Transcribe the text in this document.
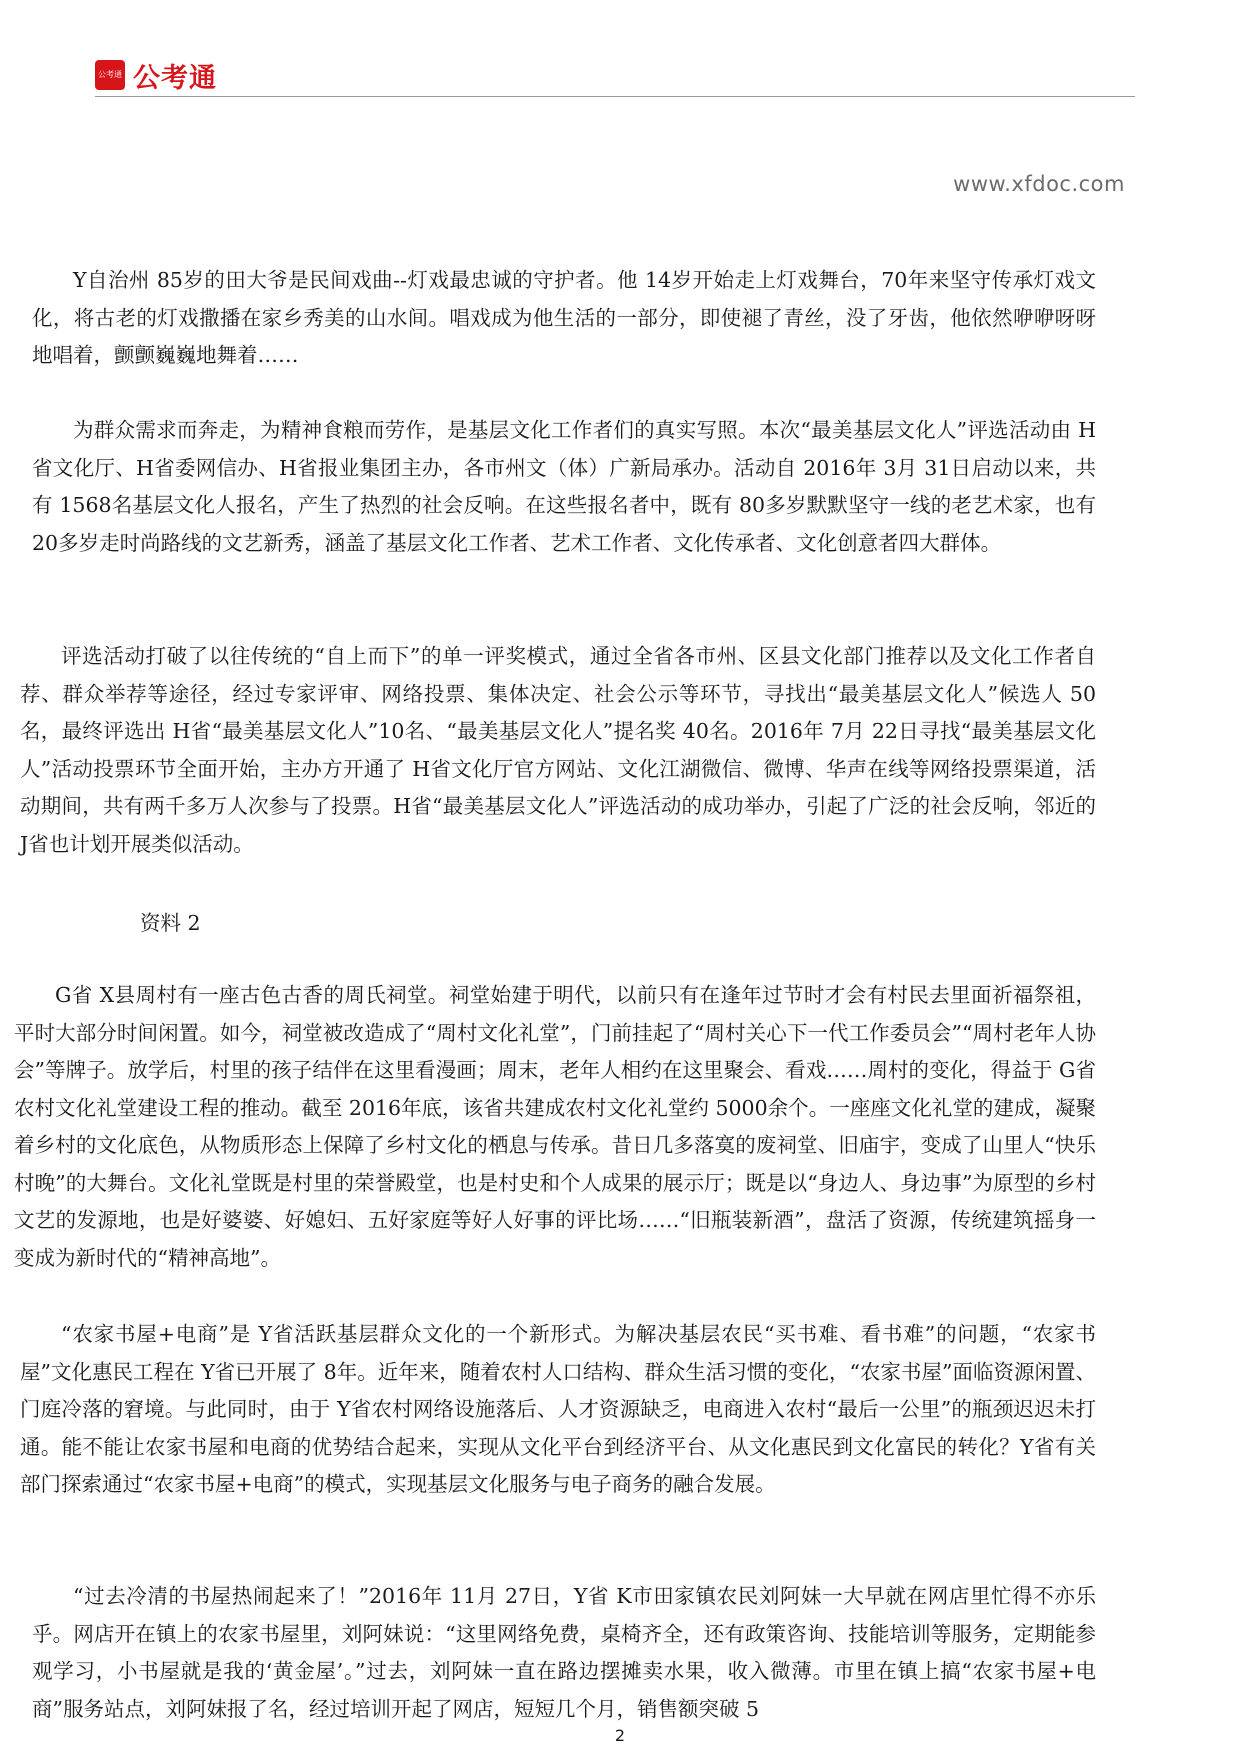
公考通 公考通
www.xfdoc.com

Y自治州 85岁的田大爷是民间戏曲--灯戏最忠诚的守护者。他 14岁开始走上灯戏舞台，70年来坚守传承灯戏文化，将古老的灯戏撒播在家乡秀美的山水间。唱戏成为他生活的一部分，即使褪了青丝，没了牙齿，他依然咿咿呀呀地唱着，颤颤巍巍地舞着……

为群众需求而奔走，为精神食粮而劳作，是基层文化工作者们的真实写照。本次“最美基层文化人”评选活动由 H省文化厅、H省委网信办、H省报业集团主办，各市州文（体）广新局承办。活动自 2016年 3月 31日启动以来，共有 1568名基层文化人报名，产生了热烈的社会反响。在这些报名者中，既有 80多岁默默坚守一线的老艺术家，也有 20多岁走时尚路线的文艺新秀，涵盖了基层文化工作者、艺术工作者、文化传承者、文化创意者四大群体。

评选活动打破了以往传统的“自上而下”的单一评奖模式，通过全省各市州、区县文化部门推荐以及文化工作者自荐、群众举荐等途径，经过专家评审、网络投票、集体决定、社会公示等环节，寻找出“最美基层文化人”候选人 50名，最终评选出 H省“最美基层文化人”10名、“最美基层文化人”提名奖 40名。2016年 7月 22日寻找“最美基层文化人”活动投票环节全面开始，主办方开通了 H省文化厅官方网站、文化江湖微信、微博、华声在线等网络投票渠道，活动期间，共有两千多万人次参与了投票。H省“最美基层文化人”评选活动的成功举办，引起了广泛的社会反响，邻近的 J省也计划开展类似活动。

资料 2

G省 X县周村有一座古色古香的周氏祠堂。祠堂始建于明代，以前只有在逢年过节时才会有村民去里面祈福祭祖，平时大部分时间闲置。如今，祠堂被改造成了“周村文化礼堂”，门前挂起了“周村关心下一代工作委员会”“周村老年人协会”等牌子。放学后，村里的孩子结伴在这里看漫画；周末，老年人相约在这里聚会、看戏……周村的变化，得益于 G省农村文化礼堂建设工程的推动。截至 2016年底，该省共建成农村文化礼堂约 5000余个。一座座文化礼堂的建成，凝聚着乡村的文化底色，从物质形态上保障了乡村文化的栖息与传承。昔日几多落寞的废祠堂、旧庙宇，变成了山里人“快乐村晚”的大舞台。文化礼堂既是村里的荣誉殿堂，也是村史和个人成果的展示厅；既是以“身边人、身边事”为原型的乡村文艺的发源地，也是好婆婆、好媳妇、五好家庭等好人好事的评比场……“旧瓶装新酒”，盘活了资源，传统建筑摇身一变成为新时代的“精神高地”。

“农家书屋+电商”是 Y省活跃基层群众文化的一个新形式。为解决基层农民“买书难、看书难”的问题，“农家书屋”文化惠民工程在 Y省已开展了 8年。近年来，随着农村人口结构、群众生活习惯的变化，“农家书屋”面临资源闲置、门庭冷落的窘境。与此同时，由于 Y省农村网络设施落后、人才资源缺乏，电商进入农村“最后一公里”的瓶颈迟迟未打通。能不能让农家书屋和电商的优势结合起来，实现从文化平台到经济平台、从文化惠民到文化富民的转化？Y省有关部门探索通过“农家书屋+电商”的模式，实现基层文化服务与电子商务的融合发展。

“过去冷清的书屋热闹起来了！”2016年 11月 27日，Y省 K市田家镇农民刘阿妹一大早就在网店里忙得不亦乐乎。网店开在镇上的农家书屋里，刘阿妹说：“这里网络免费，桌椅齐全，还有政策咨询、技能培训等服务，定期能参观学习，小书屋就是我的‘黄金屋’。”过去，刘阿妹一直在路边摆摊卖水果，收入微薄。市里在镇上搞“农家书屋+电商”服务站点，刘阿妹报了名，经过培训开起了网店，短短几个月，销售额突破 5

2
